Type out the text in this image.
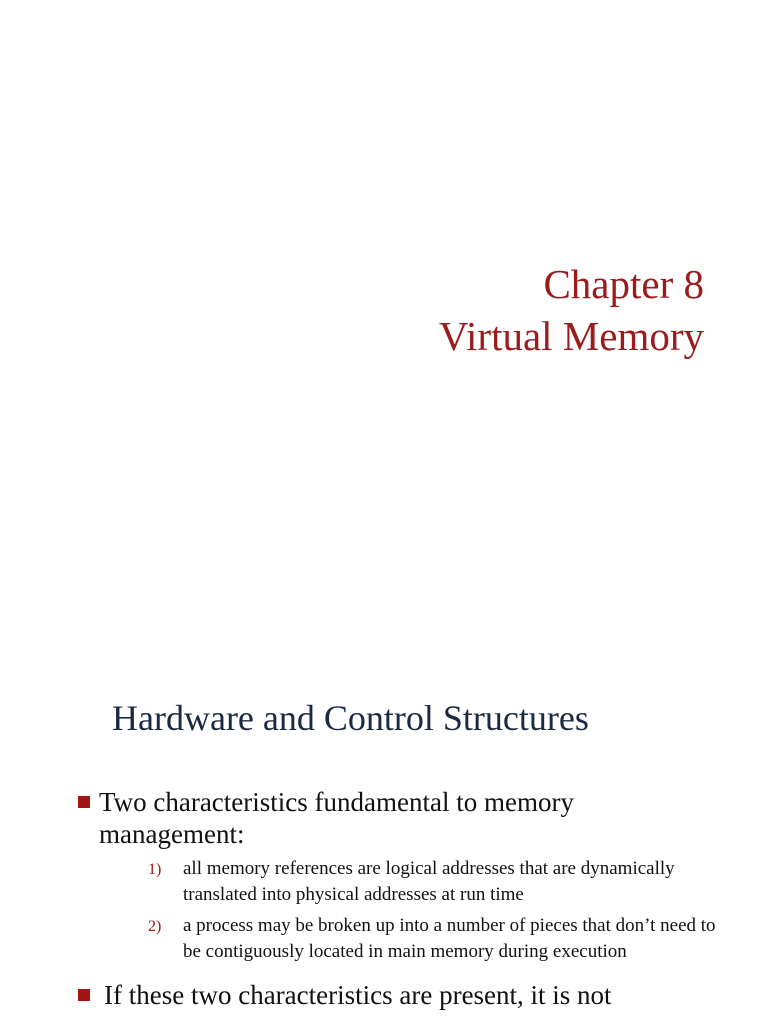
Chapter 8
Virtual Memory
Hardware and Control Structures
Two characteristics fundamental to memory management:
1) all memory references are logical addresses that are dynamically translated into physical addresses at run time
2) a process may be broken up into a number of pieces that don’t need to be contiguously located in main memory during execution
If these two characteristics are present, it is not
